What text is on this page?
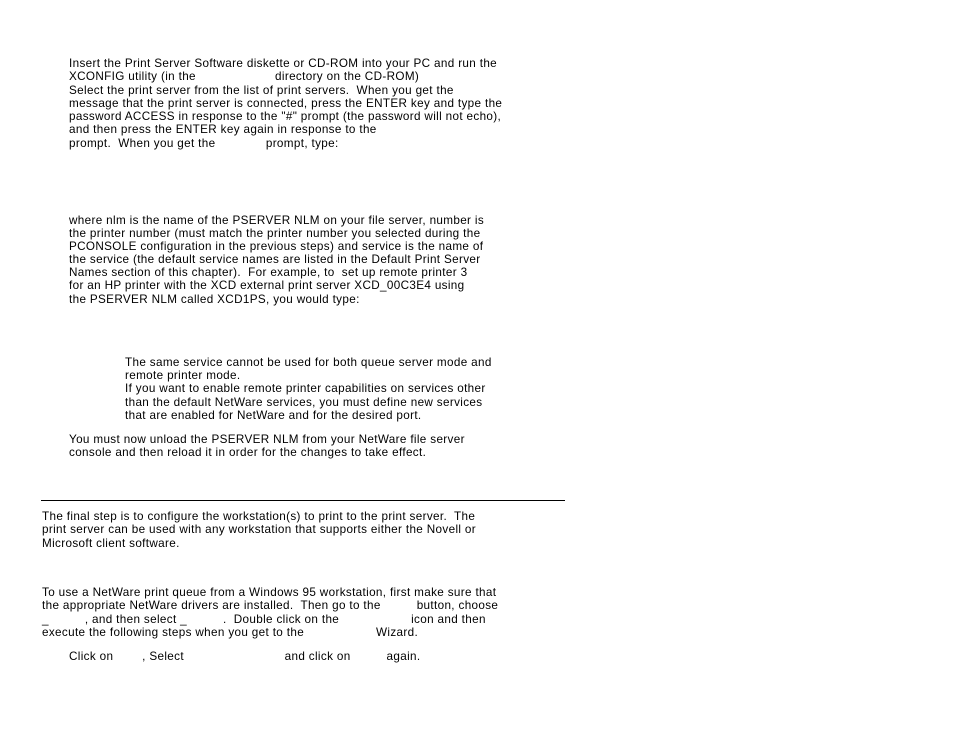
Insert the Print Server Software diskette or CD-ROM into your PC and run the
XCONFIG utility (in the                      directory on the CD-ROM)
Select the print server from the list of print servers.  When you get the
message that the print server is connected, press the ENTER key and type the
password ACCESS in response to the "#" prompt (the password will not echo),
and then press the ENTER key again in response to the
prompt.  When you get the              prompt, type:
where nlm is the name of the PSERVER NLM on your file server, number is
the printer number (must match the printer number you selected during the
PCONSOLE configuration in the previous steps) and service is the name of
the service (the default service names are listed in the Default Print Server
Names section of this chapter).  For example, to  set up remote printer 3
for an HP printer with the XCD external print server XCD_00C3E4 using
the PSERVER NLM called XCD1PS, you would type:
The same service cannot be used for both queue server mode and
remote printer mode.
If you want to enable remote printer capabilities on services other
than the default NetWare services, you must define new services
that are enabled for NetWare and for the desired port.
You must now unload the PSERVER NLM from your NetWare file server
console and then reload it in order for the changes to take effect.
The final step is to configure the workstation(s) to print to the print server.  The
print server can be used with any workstation that supports either the Novell or
Microsoft client software.
To use a NetWare print queue from a Windows 95 workstation, first make sure that
the appropriate NetWare drivers are installed.  Then go to the          button, choose
_          , and then select _          .  Double click on the                    icon and then
execute the following steps when you get to the                    Wizard.
Click on        , Select                            and click on          again.
